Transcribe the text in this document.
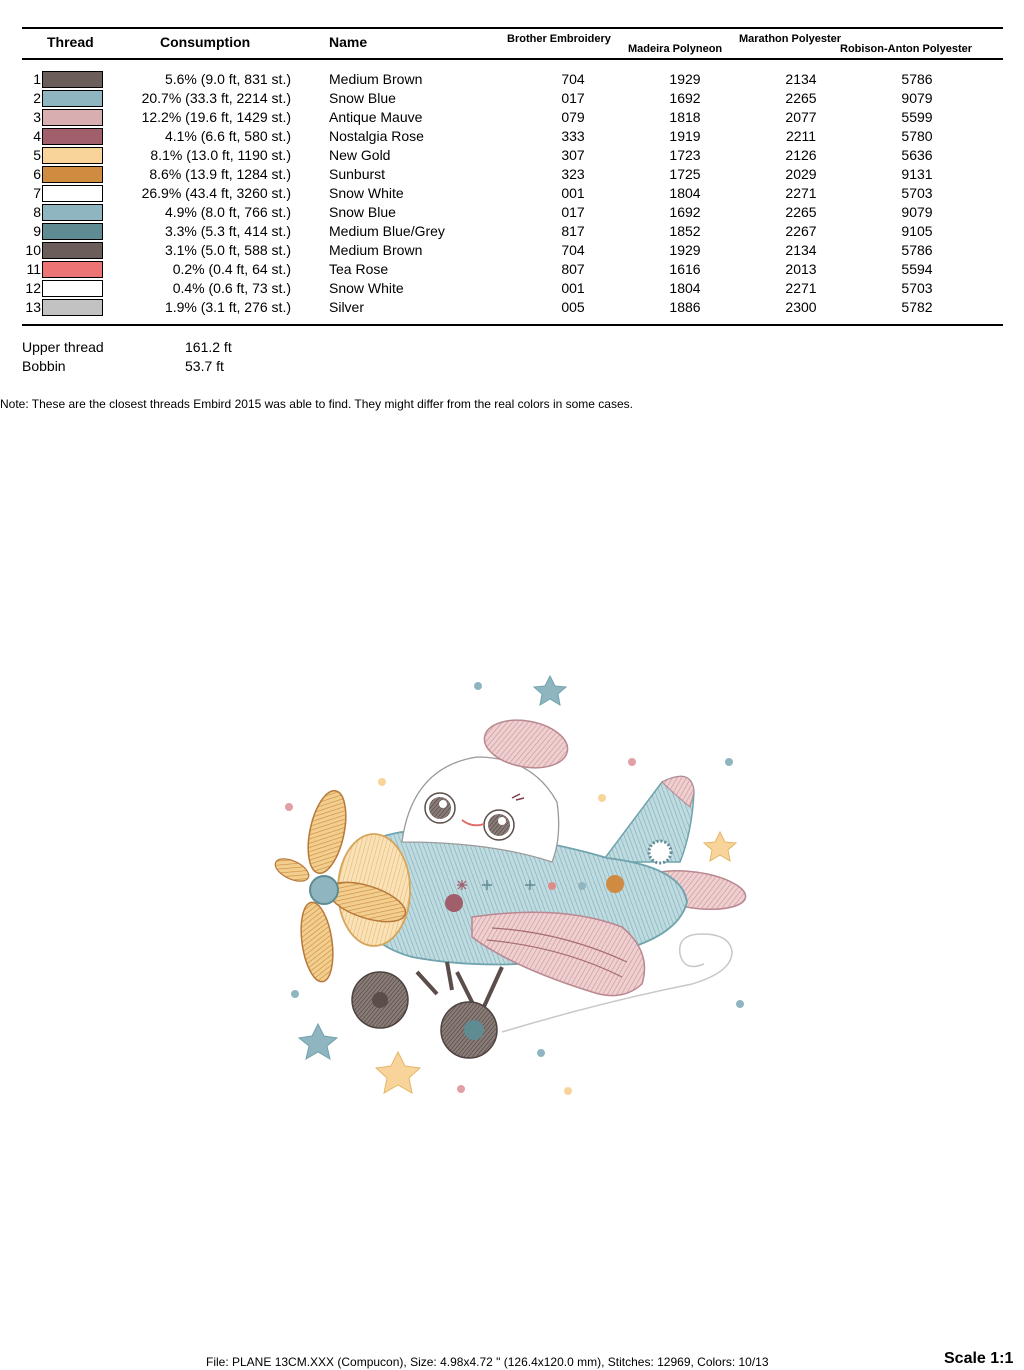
Thread	Consumption	Name	Brother Embroidery
Madeira Polyneon
Marathon Polyester
Robison-Anton Polyester
1	5.6% (9.0 ft, 831 st.)	Medium Brown	704	1929	2134	5786
2	20.7% (33.3 ft, 2214 st.)	Snow Blue	017	1692	2265	9079
3	12.2% (19.6 ft, 1429 st.)	Antique Mauve	079	1818	2077	5599
4	4.1% (6.6 ft, 580 st.)	Nostalgia Rose	333	1919	2211	5780
5	8.1% (13.0 ft, 1190 st.)	New Gold	307	1723	2126	5636
6	8.6% (13.9 ft, 1284 st.)	Sunburst	323	1725	2029	9131
7	26.9% (43.4 ft, 3260 st.)	Snow White	001	1804	2271	5703
8	4.9% (8.0 ft, 766 st.)	Snow Blue	017	1692	2265	9079
9	3.3% (5.3 ft, 414 st.)	Medium Blue/Grey	817	1852	2267	9105
10	3.1% (5.0 ft, 588 st.)	Medium Brown	704	1929	2134	5786
11	0.2% (0.4 ft, 64 st.)	Tea Rose	807	1616	2013	5594
12	0.4% (0.6 ft, 73 st.)	Snow White	001	1804	2271	5703
13	1.9% (3.1 ft, 276 st.)	Silver	005	1886	2300	5782
Upper thread	161.2 ft
Bobbin	53.7 ft
Note: These are the closest threads Embird 2015 was able to find. They might differ from the real colors in some cases.
File: PLANE 13CM.XXX (Compucon), Size: 4.98x4.72 " (126.4x120.0 mm), Stitches: 12969, Colors: 10/13	Scale 1:1
